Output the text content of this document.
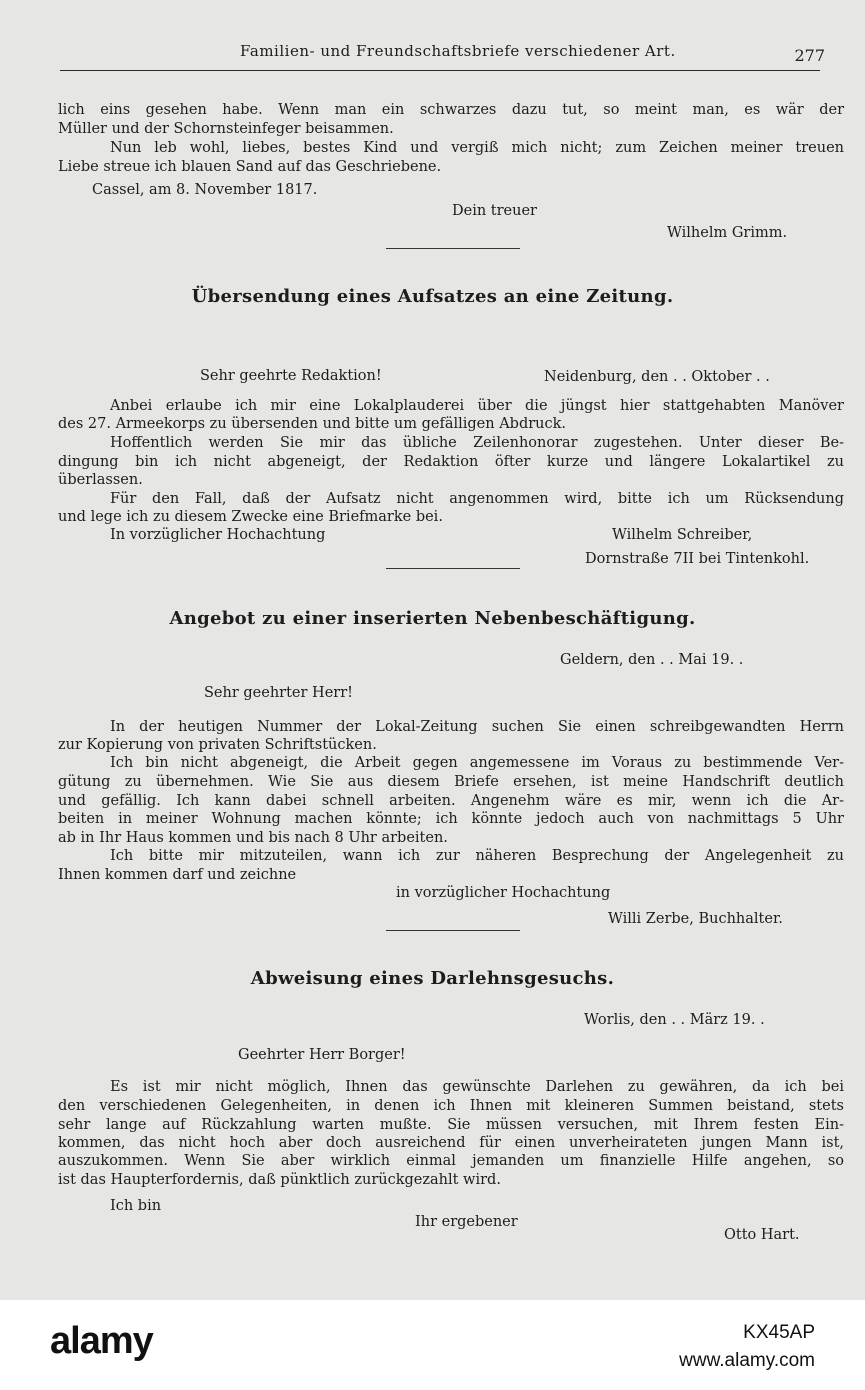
Familien- und Freundschaftsbriefe verschiedener Art.	277
lich eins gesehen habe. Wenn man ein schwarzes dazu tut, so meint man, es wär der
Müller und der Schornsteinfeger beisammen.
Nun leb wohl, liebes, bestes Kind und vergiß mich nicht; zum Zeichen meiner treuen
Liebe streue ich blauen Sand auf das Geschriebene.
Cassel, am 8. November 1817.
Dein treuer
Wilhelm Grimm.
Übersendung eines Aufsatzes an eine Zeitung.
Sehr geehrte Redaktion!	Neidenburg, den . . Oktober . .
Anbei erlaube ich mir eine Lokalplauderei über die jüngst hier stattgehabten Manöver
des 27. Armeekorps zu übersenden und bitte um gefälligen Abdruck.
Hoffentlich werden Sie mir das übliche Zeilenhonorar zugestehen. Unter dieser Be-
dingung bin ich nicht abgeneigt, der Redaktion öfter kurze und längere Lokalartikel zu
überlassen.
Für den Fall, daß der Aufsatz nicht angenommen wird, bitte ich um Rücksendung
und lege ich zu diesem Zwecke eine Briefmarke bei.
In vorzüglicher Hochachtung	Wilhelm Schreiber,
Dornstraße 7II bei Tintenkohl.
Angebot zu einer inserierten Nebenbeschäftigung.
Geldern, den . . Mai 19. .
Sehr geehrter Herr!
In der heutigen Nummer der Lokal-Zeitung suchen Sie einen schreibgewandten Herrn
zur Kopierung von privaten Schriftstücken.
Ich bin nicht abgeneigt, die Arbeit gegen angemessene im Voraus zu bestimmende Ver-
gütung zu übernehmen. Wie Sie aus diesem Briefe ersehen, ist meine Handschrift deutlich
und gefällig. Ich kann dabei schnell arbeiten. Angenehm wäre es mir, wenn ich die Ar-
beiten in meiner Wohnung machen könnte; ich könnte jedoch auch von nachmittags 5 Uhr
ab in Ihr Haus kommen und bis nach 8 Uhr arbeiten.
Ich bitte mir mitzuteilen, wann ich zur näheren Besprechung der Angelegenheit zu
Ihnen kommen darf und zeichne
in vorzüglicher Hochachtung
Willi Zerbe, Buchhalter.
Abweisung eines Darlehnsgesuchs.
Worlis, den . . März 19. .
Geehrter Herr Borger!
Es ist mir nicht möglich, Ihnen das gewünschte Darlehen zu gewähren, da ich bei
den verschiedenen Gelegenheiten, in denen ich Ihnen mit kleineren Summen beistand, stets
sehr lange auf Rückzahlung warten mußte. Sie müssen versuchen, mit Ihrem festen Ein-
kommen, das nicht hoch aber doch ausreichend für einen unverheirateten jungen Mann ist,
auszukommen. Wenn Sie aber wirklich einmal jemanden um finanzielle Hilfe angehen, so
ist das Haupterfordernis, daß pünktlich zurückgezahlt wird.
Ich bin
Ihr ergebener
Otto Hart.
alamy	KX45AP
www.alamy.com
